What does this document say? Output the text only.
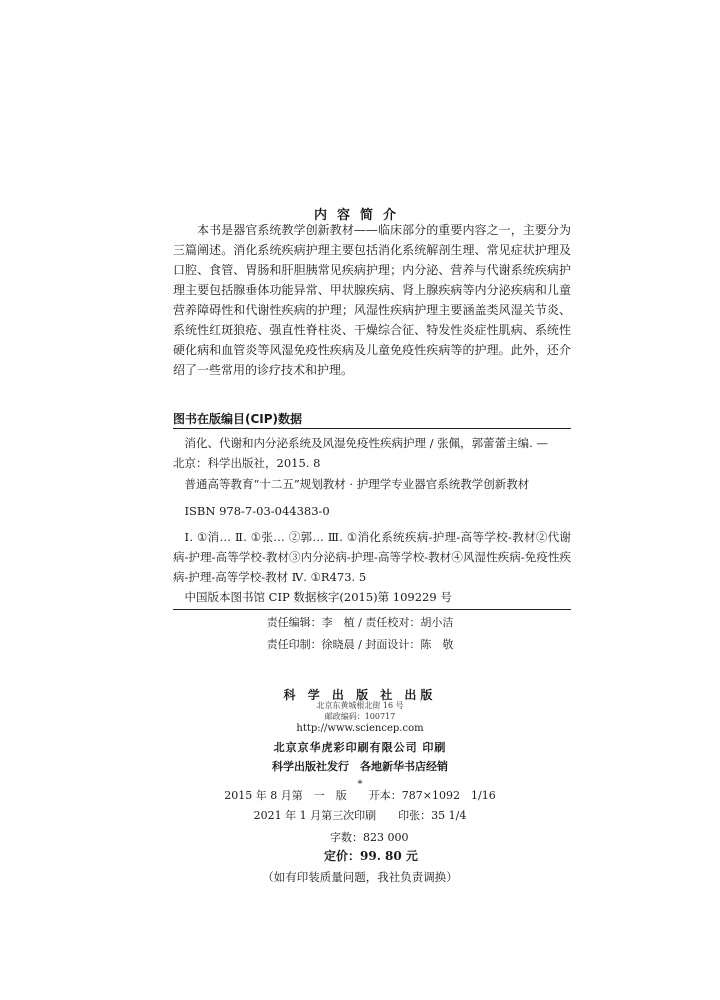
内容简介

本书是器官系统教学创新教材——临床部分的重要内容之一，主要分为三篇阐述。消化系统疾病护理主要包括消化系统解剖生理、常见症状护理及口腔、食管、胃肠和肝胆胰常见疾病护理；内分泌、营养与代谢系统疾病护理主要包括腺垂体功能异常、甲状腺疾病、肾上腺疾病等内分泌疾病和儿童营养障碍性和代谢性疾病的护理；风湿性疾病护理主要涵盖类风湿关节炎、系统性红斑狼疮、强直性脊柱炎、干燥综合征、特发性炎症性肌病、系统性硬化病和血管炎等风湿免疫性疾病及儿童免疫性疾病等的护理。此外，还介绍了一些常用的诊疗技术和护理。

图书在版编目(CIP)数据
消化、代谢和内分泌系统及风湿免疫性疾病护理 / 张佩，郭蕾蕾主编. —
北京：科学出版社，2015. 8
普通高等教育“十二五”规划教材 · 护理学专业器官系统教学创新教材
ISBN 978-7-03-044383-0

Ⅰ. ①消… Ⅱ. ①张… ②郭… Ⅲ. ①消化系统疾病-护理-高等学校-教材②代谢病-护理-高等学校-教材③内分泌病-护理-高等学校-教材④风湿性疾病-免疫性疾病-护理-高等学校-教材 Ⅳ. ①R473. 5

中国版本图书馆 CIP 数据核字(2015)第 109229 号
责任编辑：李　植 / 责任校对：胡小洁
责任印制：徐晓晨 / 封面设计：陈　敬
科 学 出 版 社 出版
北京东黄城根北街 16 号
邮政编码：100717
http://www.sciencep.com
北京京华虎彩印刷有限公司 印刷
科学出版社发行　各地新华书店经销
*
2015 年 8 月第　一　版　　开本：787×1092　1/16
2021 年 1 月第三次印刷　　印张：35 1/4
字数：823 000
定价：99. 80 元
（如有印装质量问题，我社负责调换）
